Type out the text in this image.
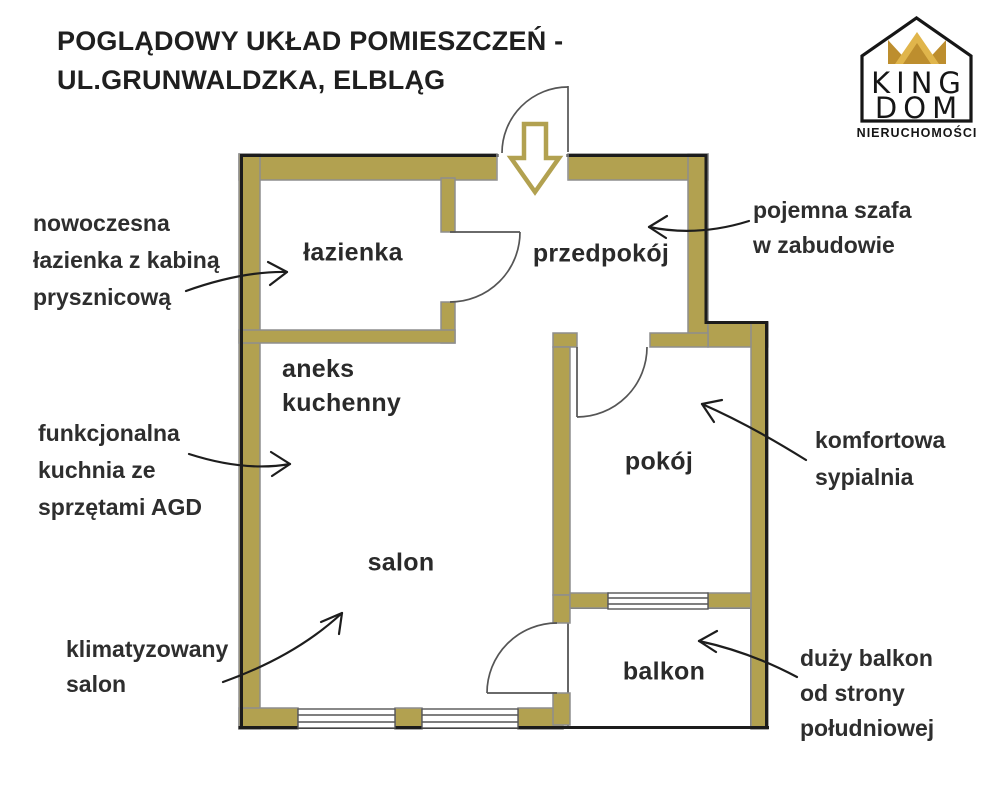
KING
DOM
NIERUCHOMOŚCI
POGLĄDOWY UKŁAD POMIESZCZEŃ -
UL.GRUNWALDZKA, ELBLĄG
łazienka	przedpokój
aneks
kuchenny
pokój
salon
balkon
nowoczesna
łazienka z kabiną
prysznicową
pojemna szafa
w zabudowie
funkcjonalna
kuchnia ze
sprzętami AGD
komfortowa
sypialnia
klimatyzowany
salon
duży balkon
od strony
południowej
